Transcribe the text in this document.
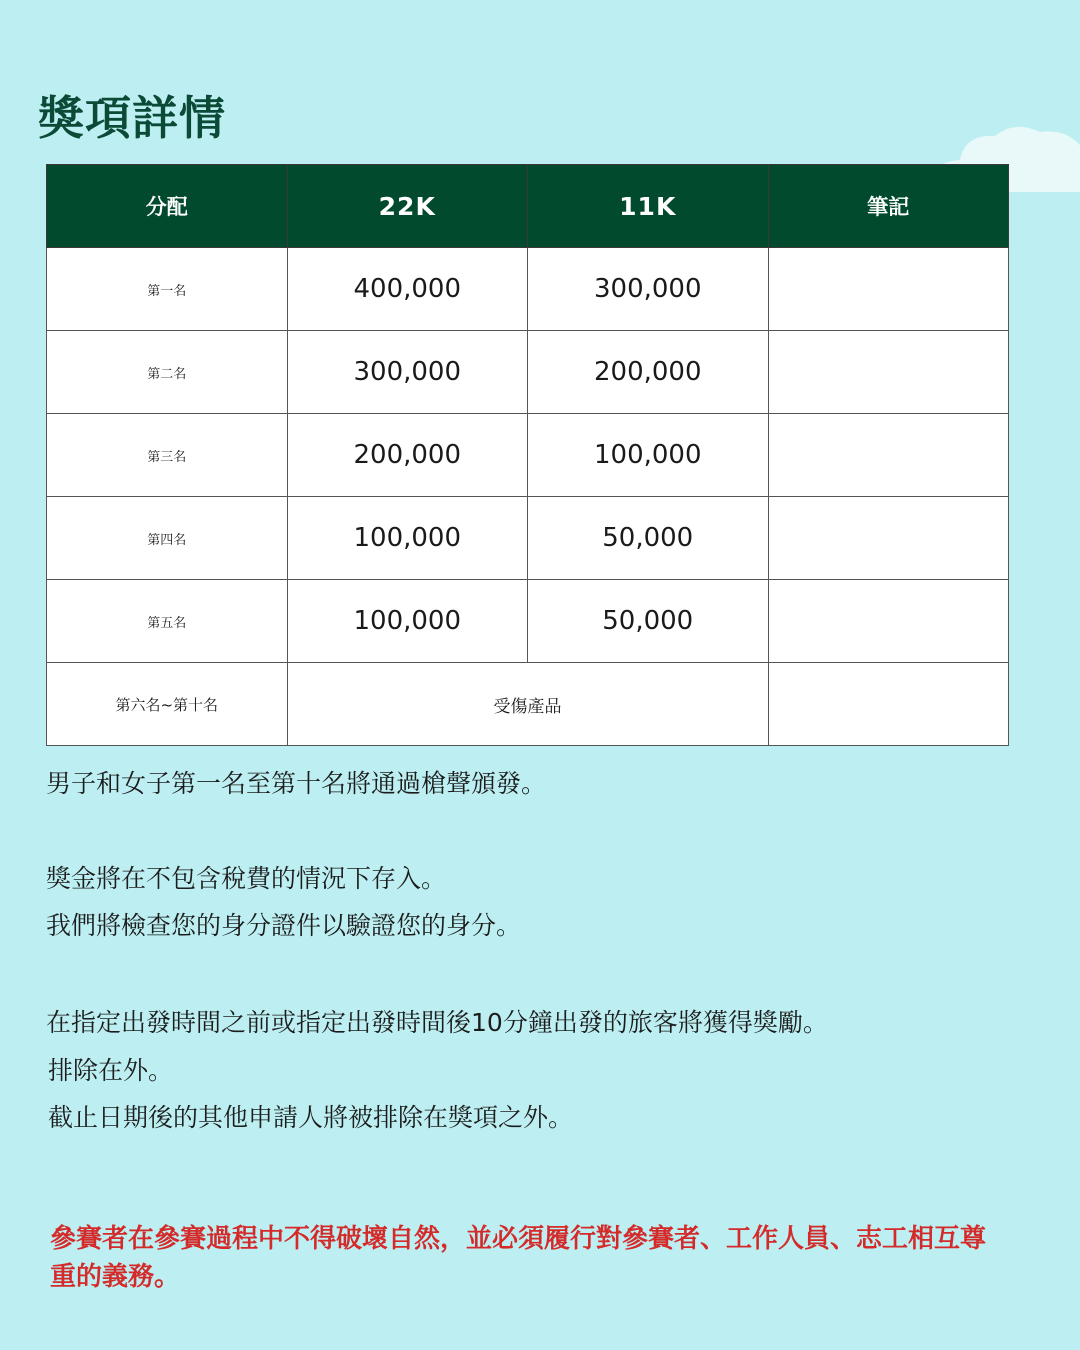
獎項詳情
分配	22K	11K	筆記
第一名	400,000	300,000	
第二名	300,000	200,000	
第三名	200,000	100,000	
第四名	100,000	50,000	
第五名	100,000	50,000	
第六名~第十名	受傷產品		
男子和女子第一名至第十名將通過槍聲頒發。
獎金將在不包含稅費的情況下存入。
我們將檢查您的身分證件以驗證您的身分。
在指定出發時間之前或指定出發時間後10分鐘出發的旅客將獲得獎勵。
排除在外。
截止日期後的其他申請人將被排除在獎項之外。
參賽者在參賽過程中不得破壞自然，並必須履行對參賽者、工作人員、志工相互尊重的義務。
